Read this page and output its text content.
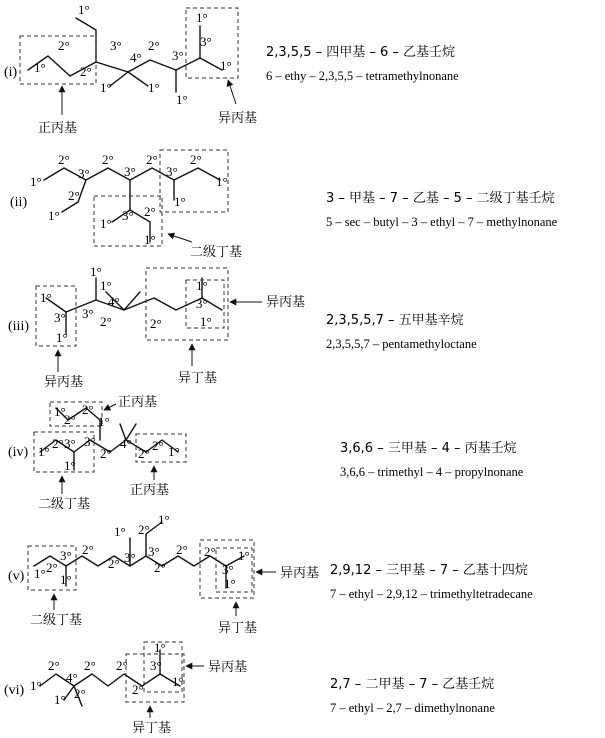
(i) 1°
2°
2°
1°
3°
4°
2°
3°
3°
1°
1°
1°	1°
1°
正丙基
异丙基
2,3,5,5 – 四甲基 – 6 – 乙基壬烷
6 – ethy – 2,3,5,5 – tetramethylnonane
(ii)
1°
2°
3°
2°
3°
2°
3°
2°
1°
2°
1°
1°
3° 2°
1°
1°
二级丁基
3 – 甲基 – 7 – 乙基 – 5 – 二级丁基壬烷
5 – sec – butyl – 3 – ethyl – 7 – methylnonane
(iii)
1°
3°
1°
3°
1°
4°
2°
1°	1°
3°
2°	1°
异丙基
异丙基
异丁基
2,3,5,5,7 – 五甲基辛烷
2,3,5,5,7 – pentamethyloctane
(iv)
1°
2°
2°
1°
1°
2° 3° 3°
1°
2°
4°
2°
2° 1°
正丙基
二级丁基
正丙基
3,6,6 – 三甲基 – 4 – 丙基壬烷
3,6,6 – trimethyl – 4 – propylnonane
(v) 1° 2°
3°
1°
2°
2° 3°
1° 2°
1°
3°
2°
2° 2°
3°
1°
1°
二级丁基
异丙基
异丁基
2,9,12 – 三甲基 – 7 – 乙基十四烷
7 – ethyl – 2,9,12 – trimethyltetradecane
(vi) 1°
2°
4°
2°
1° 2°
2°
1°
3°
2°
1°
异丙基
异丁基
2,7 – 二甲基 – 7 – 乙基壬烷
7 – ethyl – 2,7 – dimethylnonane
